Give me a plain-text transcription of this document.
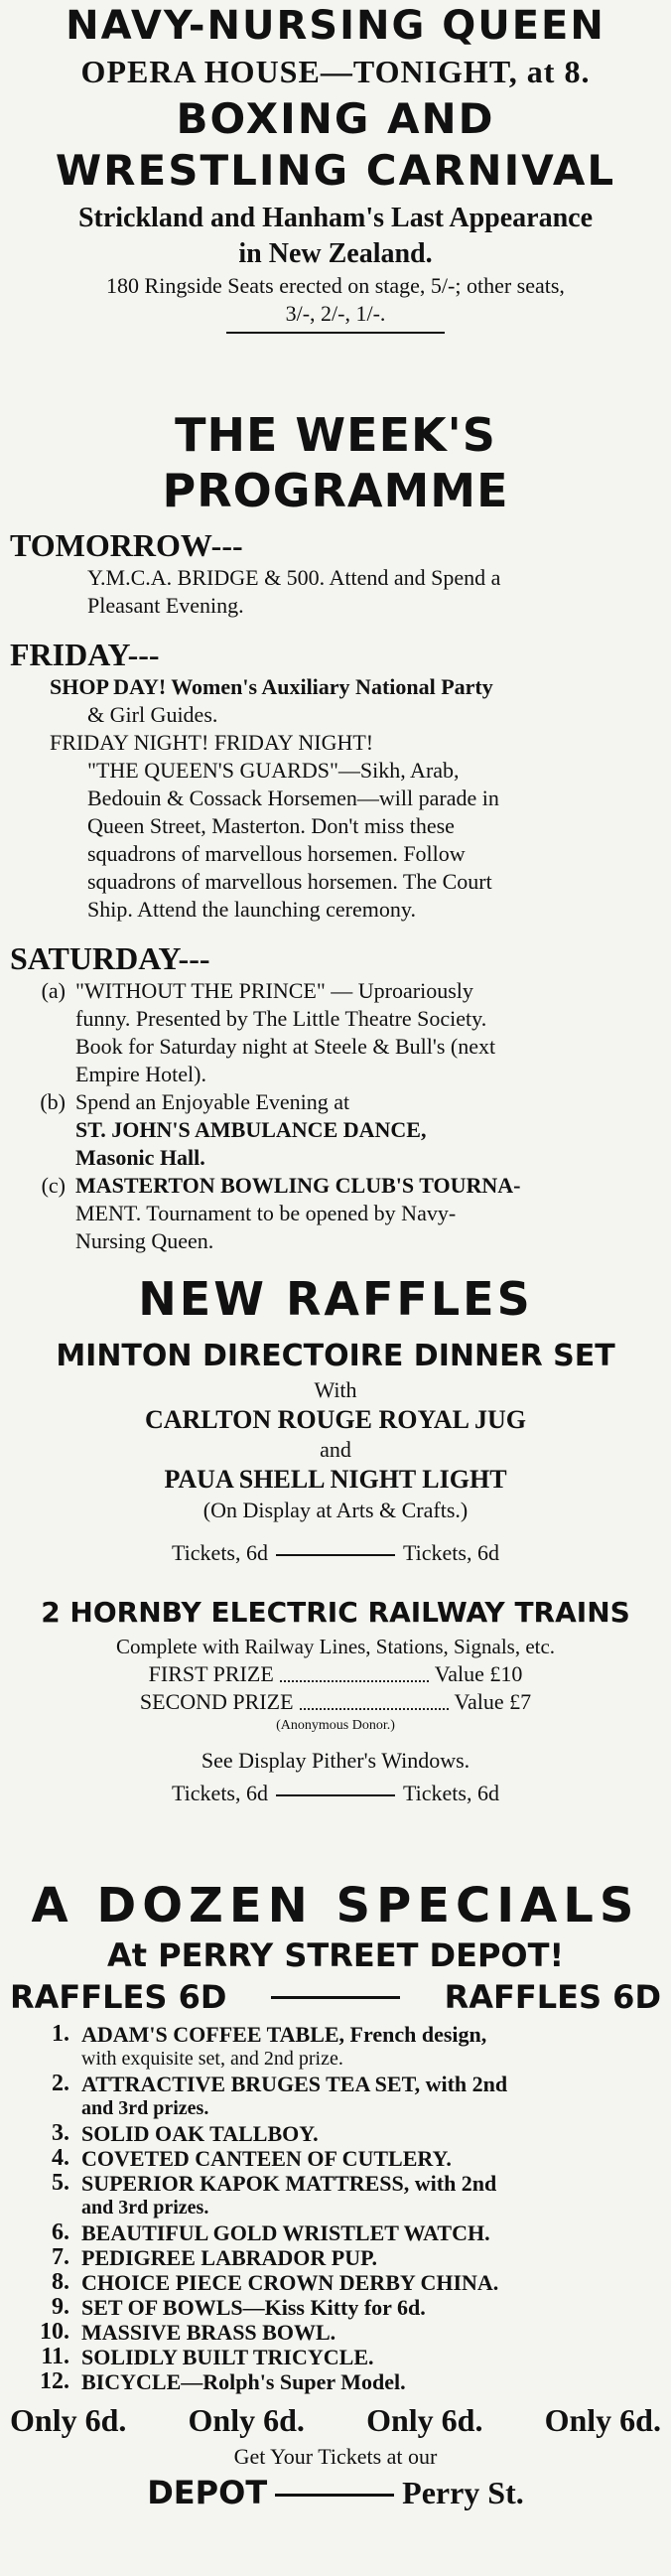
NAVY-NURSING QUEEN

OPERA HOUSE—TONIGHT, at 8.

BOXING AND

WRESTLING CARNIVAL

Strickland and Hanham's Last Appearance

in New Zealand.

180 Ringside Seats erected on stage, 5/-; other seats,

3/-, 2/-, 1/-.

THE WEEK'S PROGRAMME

TOMORROW---

Y.M.C.A. BRIDGE & 500. Attend and Spend a

Pleasant Evening.

FRIDAY---

SHOP DAY! Women's Auxiliary National Party

& Girl Guides.

FRIDAY NIGHT! FRIDAY NIGHT!

"THE QUEEN'S GUARDS"—Sikh, Arab,

Bedouin & Cossack Horsemen—will parade in

Queen Street, Masterton. Don't miss these

squadrons of marvellous horsemen. Follow

squadrons of marvellous horsemen. The Court

Ship. Attend the launching ceremony.

SATURDAY---

(a) "WITHOUT THE PRINCE" — Uproariously

funny. Presented by The Little Theatre Society.

Book for Saturday night at Steele & Bull's (next

Empire Hotel).

(b) Spend an Enjoyable Evening at

ST. JOHN'S AMBULANCE DANCE,

Masonic Hall.

(c) MASTERTON BOWLING CLUB'S TOURNA-

MENT. Tournament to be opened by Navy-

Nursing Queen.

NEW RAFFLES

MINTON DIRECTOIRE DINNER SET

With

CARLTON ROUGE ROYAL JUG

and

PAUA SHELL NIGHT LIGHT

(On Display at Arts & Crafts.)

Tickets, 6d	Tickets, 6d

2 HORNBY ELECTRIC RAILWAY TRAINS

Complete with Railway Lines, Stations, Signals, etc.

FIRST PRIZE	Value £10
SECOND PRIZE	Value £7

(Anonymous Donor.)

See Display Pither's Windows.

Tickets, 6d	Tickets, 6d

A DOZEN SPECIALS

At PERRY STREET DEPOT!

RAFFLES 6D	RAFFLES 6D
1. ADAM'S COFFEE TABLE, French design,

with exquisite set, and 2nd prize.

2. ATTRACTIVE BRUGES TEA SET, with 2nd

and 3rd prizes.

3. SOLID OAK TALLBOY.

4. COVETED CANTEEN OF CUTLERY.

5. SUPERIOR KAPOK MATTRESS, with 2nd

and 3rd prizes.

6. BEAUTIFUL GOLD WRISTLET WATCH.

7. PEDIGREE LABRADOR PUP.

8. CHOICE PIECE CROWN DERBY CHINA.

9. SET OF BOWLS—Kiss Kitty for 6d.

10. MASSIVE BRASS BOWL.

11. SOLIDLY BUILT TRICYCLE.

12. BICYCLE—Rolph's Super Model.

Only 6d. Only 6d. Only 6d. Only 6d.

Get Your Tickets at our

DEPOT	Perry St.
